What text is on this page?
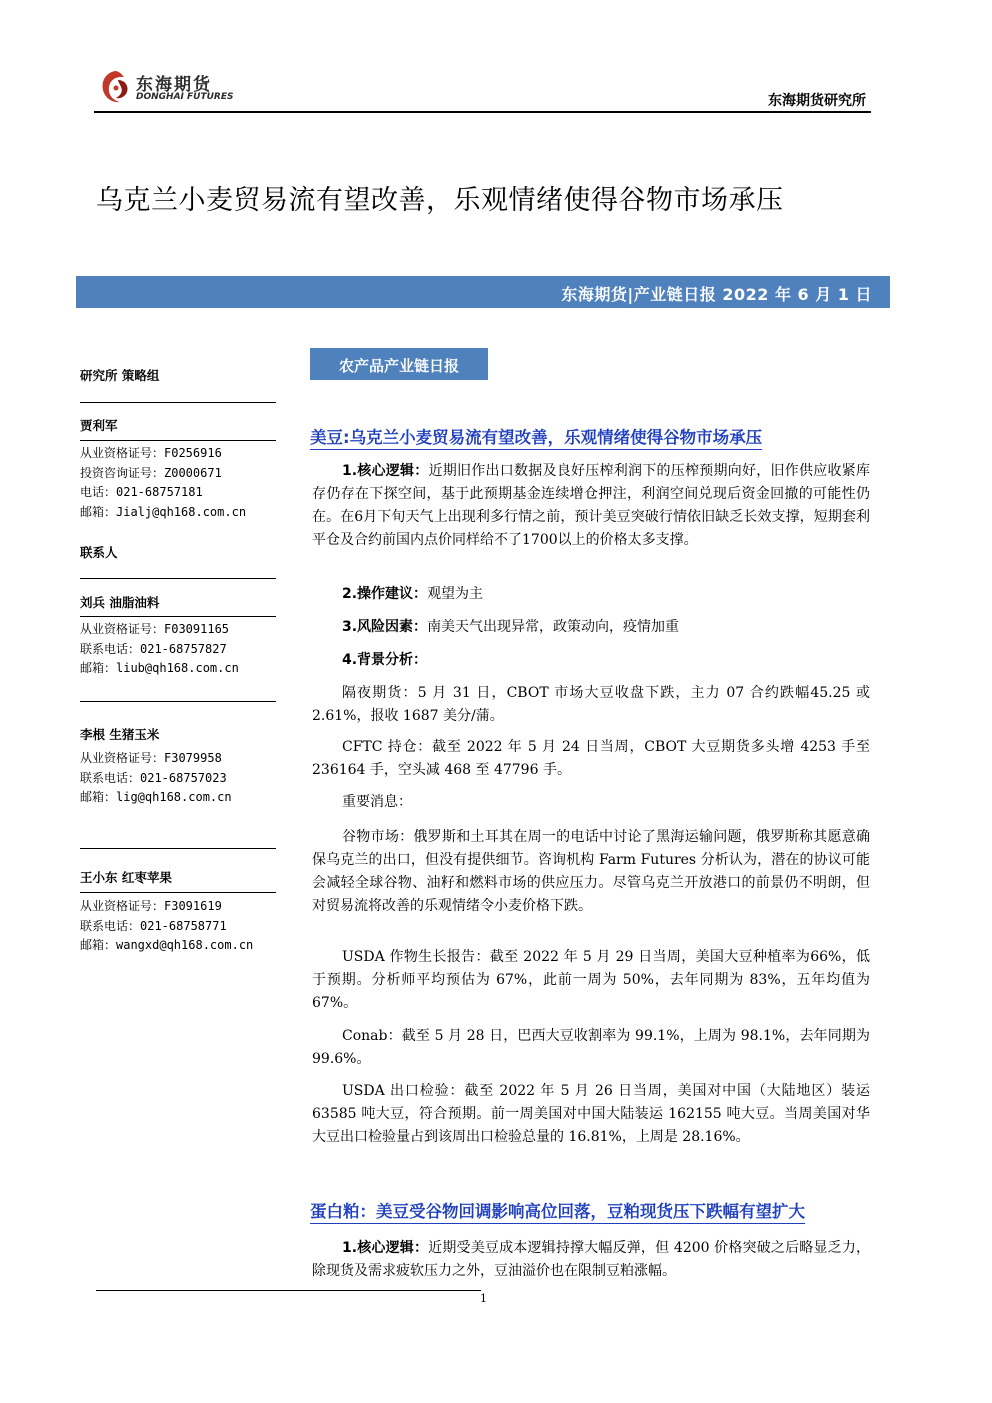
东海期货
DONGHAI FUTURES	东海期货研究所
乌克兰小麦贸易流有望改善，乐观情绪使得谷物市场承压
东海期货|产业链日报 2022 年 6 月 1 日
研究所 策略组
贾利军
从业资格证号：F0256916
投资咨询证号：Z0000671
电话：021-68757181
邮箱：Jialj@qh168.com.cn
联系人
刘兵 油脂油料
从业资格证号：F03091165
联系电话：021-68757827
邮箱：liub@qh168.com.cn
李根 生猪玉米
从业资格证号：F3079958
联系电话：021-68757023
邮箱：lig@qh168.com.cn
王小东 红枣苹果
从业资格证号：F3091619
联系电话：021-68758771
邮箱：wangxd@qh168.com.cn
农产品产业链日报
美豆:乌克兰小麦贸易流有望改善，乐观情绪使得谷物市场承压
1.核心逻辑：近期旧作出口数据及良好压榨利润下的压榨预期向好，旧作供应收紧库存仍存在下探空间，基于此预期基金连续增仓押注，利润空间兑现后资金回撤的可能性仍在。在6月下旬天气上出现利多行情之前，预计美豆突破行情依旧缺乏长效支撑，短期套利平仓及合约前国内点价同样给不了1700以上的价格太多支撑。
2.操作建议：观望为主
3.风险因素：南美天气出现异常，政策动向，疫情加重
4.背景分析：
隔夜期货：5 月 31 日，CBOT 市场大豆收盘下跌，主力 07 合约跌幅45.25 或 2.61%，报收 1687 美分/蒲。
CFTC 持仓：截至 2022 年 5 月 24 日当周，CBOT 大豆期货多头增 4253 手至 236164 手，空头减 468 至 47796 手。
重要消息：
谷物市场：俄罗斯和土耳其在周一的电话中讨论了黑海运输问题，俄罗斯称其愿意确保乌克兰的出口，但没有提供细节。咨询机构 Farm Futures 分析认为，潜在的协议可能会减轻全球谷物、油籽和燃料市场的供应压力。尽管乌克兰开放港口的前景仍不明朗，但对贸易流将改善的乐观情绪令小麦价格下跌。
USDA 作物生长报告：截至 2022 年 5 月 29 日当周，美国大豆种植率为66%，低于预期。分析师平均预估为 67%，此前一周为 50%，去年同期为 83%，五年均值为 67%。
Conab：截至 5 月 28 日，巴西大豆收割率为 99.1%，上周为 98.1%，去年同期为 99.6%。
USDA 出口检验：截至 2022 年 5 月 26 日当周，美国对中国（大陆地区）装运 63585 吨大豆，符合预期。前一周美国对中国大陆装运 162155 吨大豆。当周美国对华大豆出口检验量占到该周出口检验总量的 16.81%，上周是 28.16%。
蛋白粕：美豆受谷物回调影响高位回落，豆粕现货压下跌幅有望扩大
1.核心逻辑：近期受美豆成本逻辑持撑大幅反弹，但 4200 价格突破之后略显乏力，除现货及需求疲软压力之外，豆油溢价也在限制豆粕涨幅。
1
